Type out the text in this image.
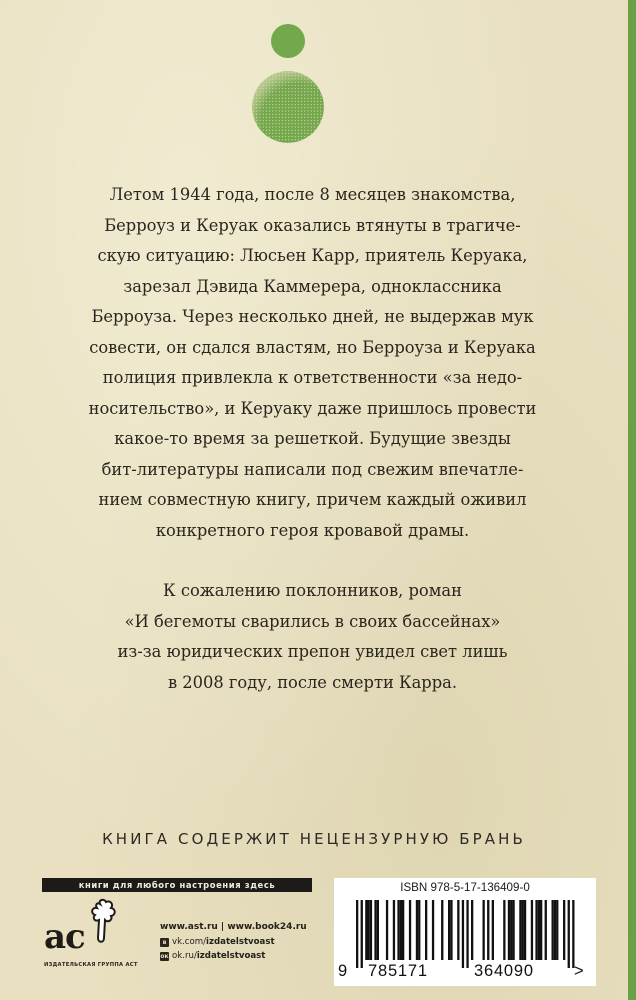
Летом 1944 года, после 8 месяцев знакомства,
Берроуз и Керуак оказались втянуты в трагиче-
скую ситуацию: Люсьен Карр, приятель Керуака,
зарезал Дэвида Каммерера, одноклассника
Берроуза. Через несколько дней, не выдержав мук
совести, он сдался властям, но Берроуза и Керуака
полиция привлекла к ответственности «за недо-
носительство», и Керуаку даже пришлось провести
какое-то время за решеткой. Будущие звезды
бит-литературы написали под свежим впечатле-
нием совместную книгу, причем каждый оживил
конкретного героя кровавой драмы.
К сожалению поклонников, роман
«И бегемоты сварились в своих бассейнах»
из-за юридических препон увидел свет лишь
в 2008 году, после смерти Карра.
КНИГА СОДЕРЖИТ НЕЦЕНЗУРНУЮ БРАНЬ
книги для любого настроения здесь
ас
ИЗДАТЕЛЬСКАЯ ГРУППА АСТ
www.ast.ru | www.book24.ru
в vk.com/izdatelstvoast
ок ok.ru/izdatelstvoast
ISBN 978-5-17-136409-0
9 785171	364090 >
